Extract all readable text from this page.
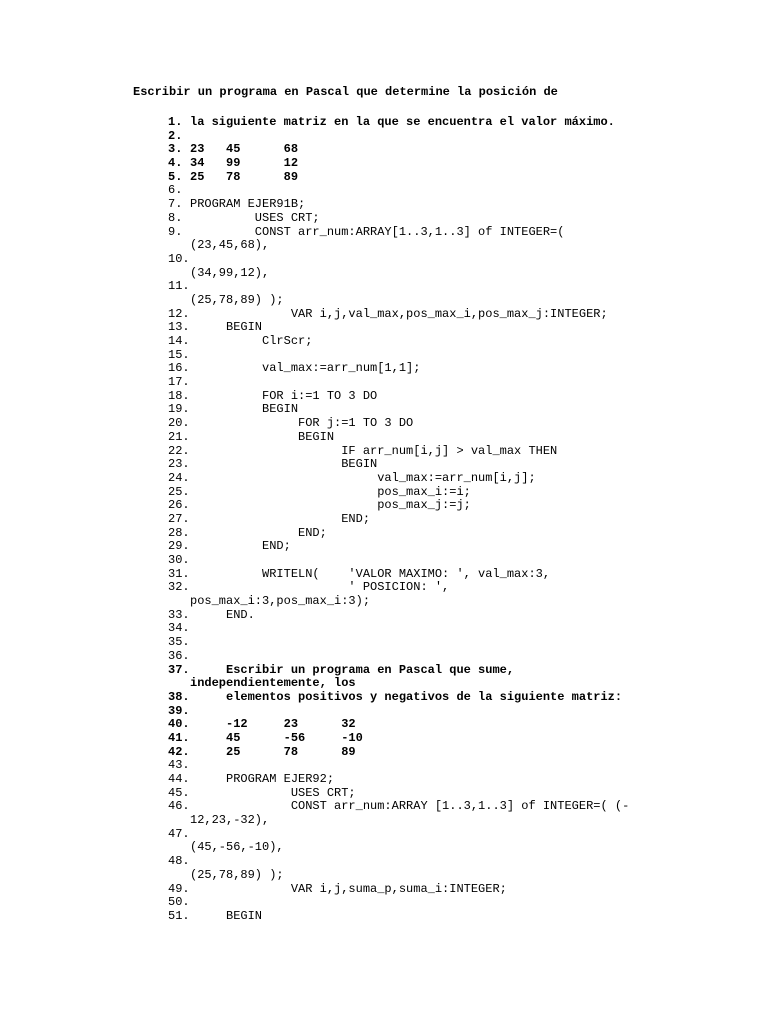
Escribir un programa en Pascal que determine la posición de
1. la siguiente matriz en la que se encuentra el valor máximo.
2.
3. 23   45      68
4. 34   99      12
5. 25   78      89
6.
7. PROGRAM EJER91B;
8. USES CRT;
9. CONST arr_num:ARRAY[1..3,1..3] of INTEGER=(
(23,45,68),
10.
(34,99,12),
11.
(25,78,89) );
12. VAR i,j,val_max,pos_max_i,pos_max_j:INTEGER;
13. BEGIN
14. ClrScr;
15.
16. val_max:=arr_num[1,1];
17.
18. FOR i:=1 TO 3 DO
19. BEGIN
20. FOR j:=1 TO 3 DO
21. BEGIN
22. IF arr_num[i,j] > val_max THEN
23. BEGIN
24. val_max:=arr_num[i,j];
25. pos_max_i:=i;
26. pos_max_j:=j;
27. END;
28. END;
29. END;
30.
31. WRITELN(    'VALOR MAXIMO: ', val_max:3,
32. ' POSICION: ',
pos_max_i:3,pos_max_i:3);
33. END.
34.
35.
36.
37. Escribir un programa en Pascal que sume,
independientemente, los
38. elementos positivos y negativos de la siguiente matriz:
39.
40. -12     23      32
41. 45      -56     -10
42. 25      78      89
43.
44. PROGRAM EJER92;
45. USES CRT;
46. CONST arr_num:ARRAY [1..3,1..3] of INTEGER=( (-
12,23,-32),
47.
(45,-56,-10),
48.
(25,78,89) );
49. VAR i,j,suma_p,suma_i:INTEGER;
50.
51. BEGIN
